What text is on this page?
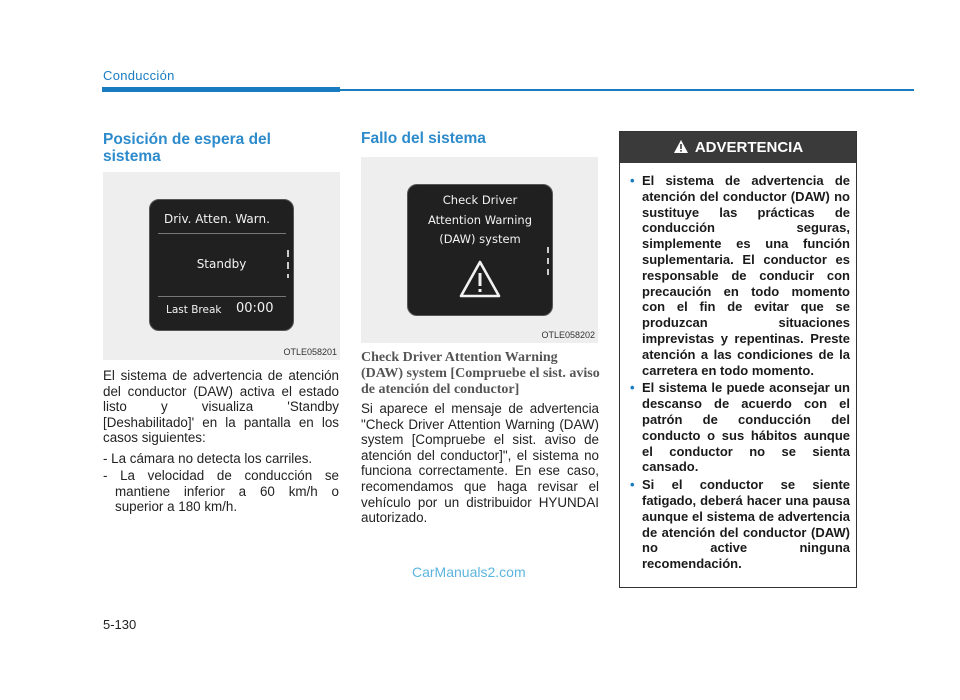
Conducción
Posición de espera del sistema
Driv. Atten. Warn.
Standby
Last Break 00:00
OTLE058201
El sistema de advertencia de atención del conductor (DAW) activa el estado listo y visualiza 'Standby [Deshabilitado]' en la pantalla en los casos siguientes:
- La cámara no detecta los carriles.
- La velocidad de conducción se mantiene inferior a 60 km/h o superior a 180 km/h.
Fallo del sistema
Check Driver
Attention Warning
(DAW) system
OTLE058202
Check Driver Attention Warning (DAW) system [Compruebe el sist. aviso de atención del conductor]
Si aparece el mensaje de advertencia "Check Driver Attention Warning (DAW) system [Compruebe el sist. aviso de atención del conductor]", el sistema no funciona correctamente. En ese caso, recomendamos que haga revisar el vehículo por un distribuidor HYUNDAI autorizado.
ADVERTENCIA
• El sistema de advertencia de atención del conductor (DAW) no sustituye las prácticas de conducción seguras, simplemente es una función suplementaria. El conductor es responsable de conducir con precaución en todo momento con el fin de evitar que se produzcan situaciones imprevistas y repentinas. Preste atención a las condiciones de la carretera en todo momento.
• El sistema le puede aconsejar un descanso de acuerdo con el patrón de conducción del conducto o sus hábitos aunque el conductor no se sienta cansado.
• Si el conductor se siente fatigado, deberá hacer una pausa aunque el sistema de advertencia de atención del conductor (DAW) no active ninguna recomendación.
CarManuals2.com
5-130
